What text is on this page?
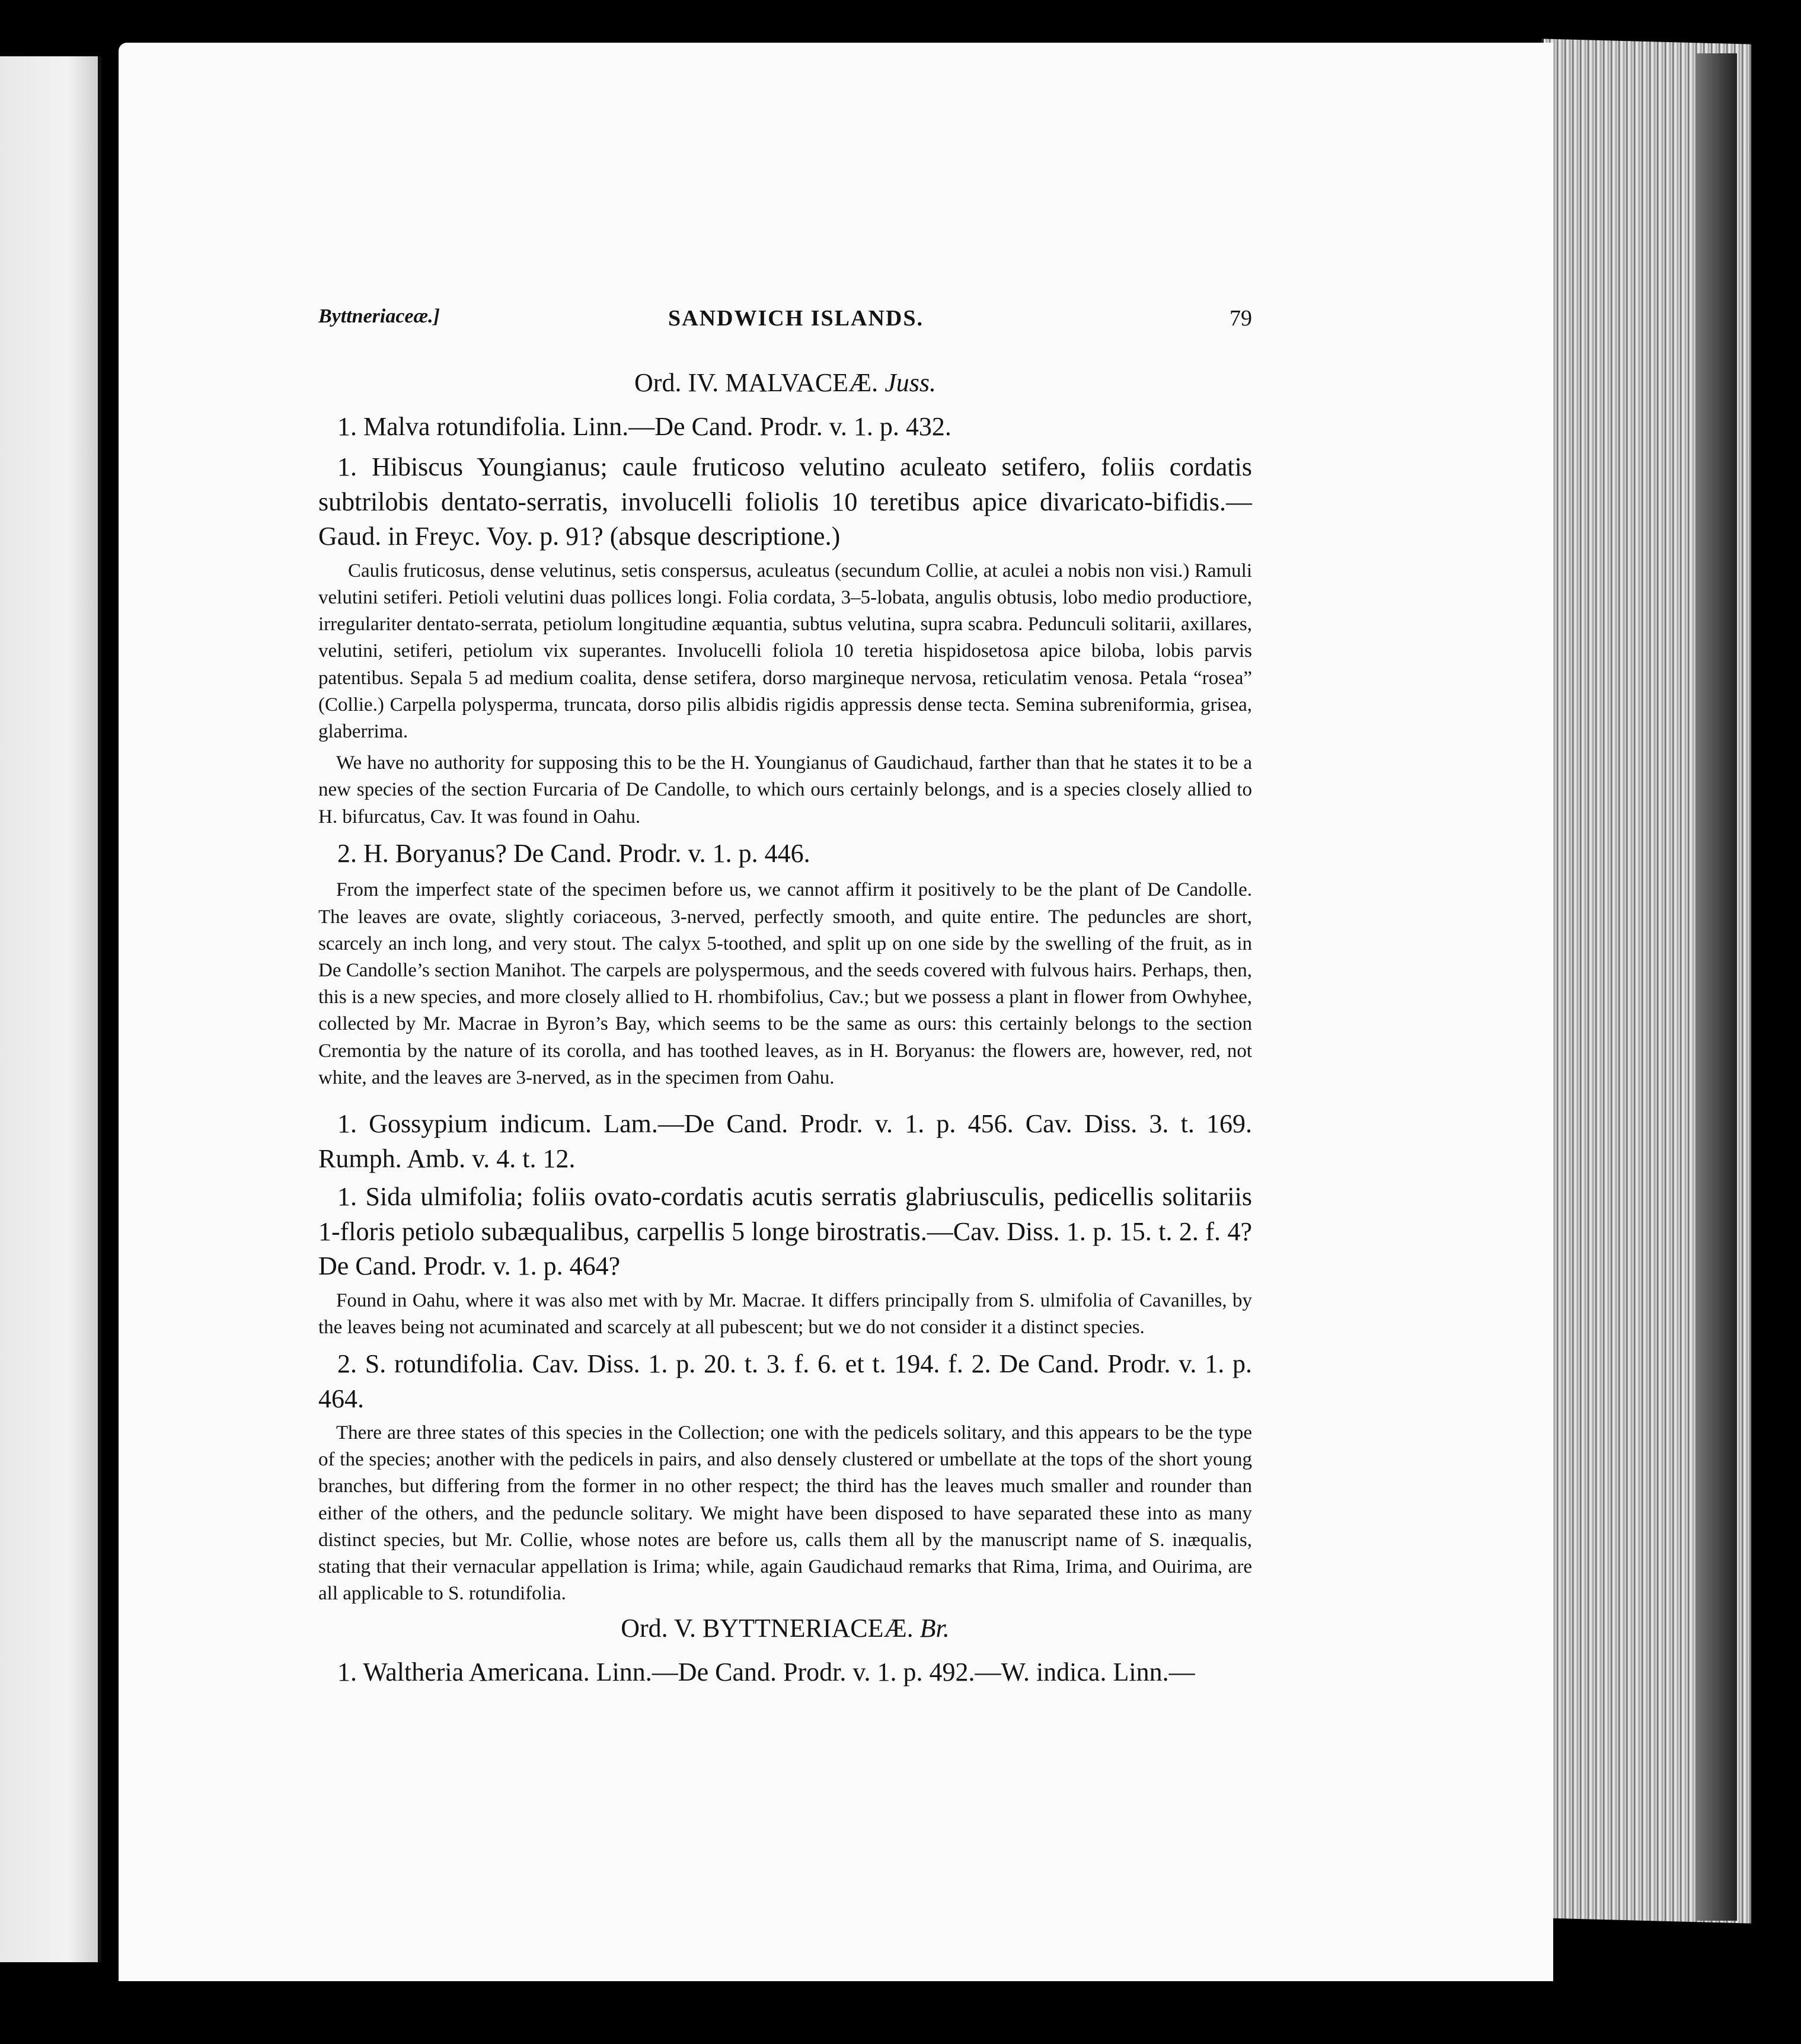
Byttneriaceæ.]	SANDWICH ISLANDS.	79
Ord. IV. MALVACEÆ. Juss.

1. Malva rotundifolia. Linn.—De Cand. Prodr. v. 1. p. 432.

1. Hibiscus Youngianus; caule fruticoso velutino aculeato setifero, foliis cordatis subtrilobis dentato-serratis, involucelli foliolis 10 teretibus apice divaricato-bifidis.—Gaud. in Freyc. Voy. p. 91? (absque descriptione.)

Caulis fruticosus, dense velutinus, setis conspersus, aculeatus (secundum Collie, at aculei a nobis non visi.) Ramuli velutini setiferi. Petioli velutini duas pollices longi. Folia cordata, 3–5-lobata, angulis obtusis, lobo medio productiore, irregulariter dentato-serrata, petiolum longitudine æquantia, subtus velutina, supra scabra. Pedunculi solitarii, axillares, velutini, setiferi, petiolum vix superantes. Involucelli foliola 10 teretia hispidosetosa apice biloba, lobis parvis patentibus. Sepala 5 ad medium coalita, dense setifera, dorso margineque nervosa, reticulatim venosa. Petala “rosea” (Collie.) Carpella polysperma, truncata, dorso pilis albidis rigidis appressis dense tecta. Semina subreniformia, grisea, glaberrima.

We have no authority for supposing this to be the H. Youngianus of Gaudichaud, farther than that he states it to be a new species of the section Furcaria of De Candolle, to which ours certainly belongs, and is a species closely allied to H. bifurcatus, Cav. It was found in Oahu.

2. H. Boryanus? De Cand. Prodr. v. 1. p. 446.

From the imperfect state of the specimen before us, we cannot affirm it positively to be the plant of De Candolle. The leaves are ovate, slightly coriaceous, 3-nerved, perfectly smooth, and quite entire. The peduncles are short, scarcely an inch long, and very stout. The calyx 5-toothed, and split up on one side by the swelling of the fruit, as in De Candolle’s section Manihot. The carpels are polyspermous, and the seeds covered with fulvous hairs. Perhaps, then, this is a new species, and more closely allied to H. rhombifolius, Cav.; but we possess a plant in flower from Owhyhee, collected by Mr. Macrae in Byron’s Bay, which seems to be the same as ours: this certainly belongs to the section Cremontia by the nature of its corolla, and has toothed leaves, as in H. Boryanus: the flowers are, however, red, not white, and the leaves are 3-nerved, as in the specimen from Oahu.

1. Gossypium indicum. Lam.—De Cand. Prodr. v. 1. p. 456. Cav. Diss. 3. t. 169. Rumph. Amb. v. 4. t. 12.

1. Sida ulmifolia; foliis ovato-cordatis acutis serratis glabriusculis, pedicellis solitariis 1-floris petiolo subæqualibus, carpellis 5 longe birostratis.—Cav. Diss. 1. p. 15. t. 2. f. 4? De Cand. Prodr. v. 1. p. 464?

Found in Oahu, where it was also met with by Mr. Macrae. It differs principally from S. ulmifolia of Cavanilles, by the leaves being not acuminated and scarcely at all pubescent; but we do not consider it a distinct species.

2. S. rotundifolia. Cav. Diss. 1. p. 20. t. 3. f. 6. et t. 194. f. 2. De Cand. Prodr. v. 1. p. 464.

There are three states of this species in the Collection; one with the pedicels solitary, and this appears to be the type of the species; another with the pedicels in pairs, and also densely clustered or umbellate at the tops of the short young branches, but differing from the former in no other respect; the third has the leaves much smaller and rounder than either of the others, and the peduncle solitary. We might have been disposed to have separated these into as many distinct species, but Mr. Collie, whose notes are before us, calls them all by the manuscript name of S. inæqualis, stating that their vernacular appellation is Irima; while, again Gaudichaud remarks that Rima, Irima, and Ouirima, are all applicable to S. rotundifolia.

Ord. V. BYTTNERIACEÆ. Br.

1. Waltheria Americana. Linn.—De Cand. Prodr. v. 1. p. 492.—W. indica. Linn.—
